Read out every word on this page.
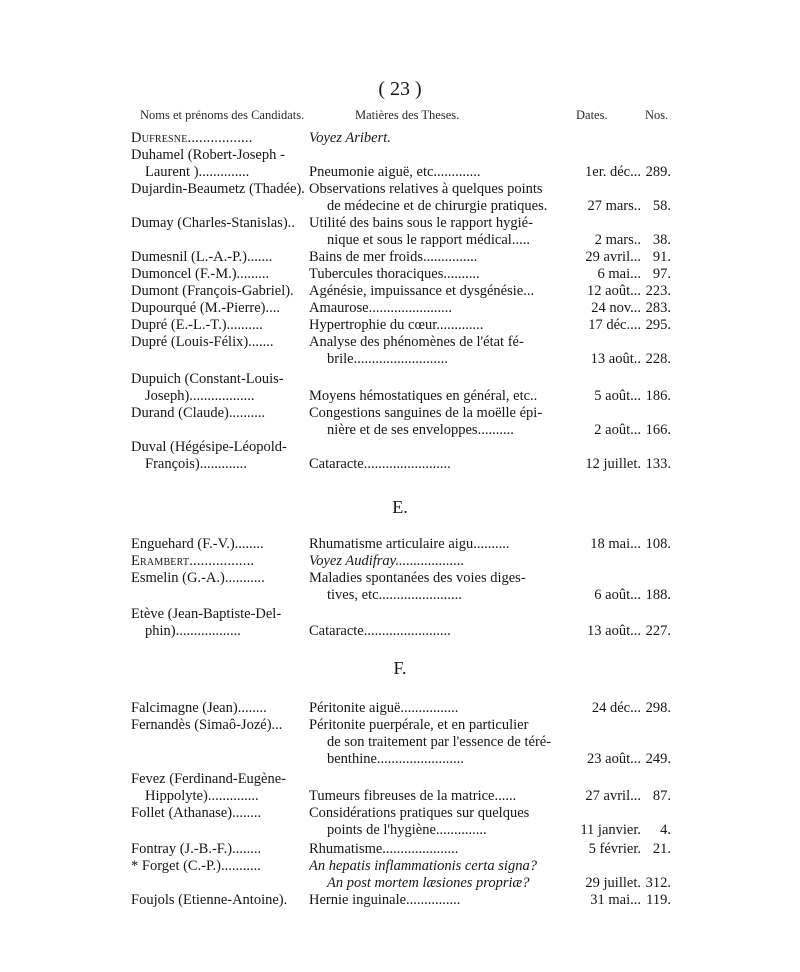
( 23 )
Noms et prénoms des Candidats.	Matières des Theses.	Dates.	Nos.
Dufresne.................	Voyez Aribert.
Duhamel (Robert-Joseph -
Laurent )..............	Pneumonie aiguë, etc.............	1er. déc... 289.
Dujardin-Beaumetz (Thadée). Observations relatives à quelques points
de médecine et de chirurgie pratiques.	27 mars.. 58.
Dumay (Charles-Stanislas).. Utilité des bains sous le rapport hygié-
nique et sous le rapport médical.....	2 mars.. 38.
Dumesnil (L.-A.-P.).......	Bains de mer froids...............	29 avril... 91.
Dumoncel (F.-M.).........	Tubercules thoraciques..........	6 mai... 97.
Dumont (François-Gabriel).	Agénésie, impuissance et dysgénésie...	12 août... 223.
Dupourqué (M.-Pierre)....	Amaurose.......................	24 nov... 283.
Dupré (E.-L.-T.)..........	Hypertrophie du cœur.............	17 déc.... 295.
Dupré (Louis-Félix).......	Analyse des phénomènes de l'état fé-
brile..........................	13 août.. 228.
Dupuich (Constant-Louis-
Joseph)..................	Moyens hémostatiques en général, etc..	5 août... 186.
Durand (Claude)..........	Congestions sanguines de la moëlle épi-
nière et de ses enveloppes..........	2 août... 166.
Duval (Hégésipe-Léopold-
François).............	Cataracte........................	12 juillet. 133.
E.
Enguehard (F.-V.)........	Rhumatisme articulaire aigu..........	18 mai... 108.
Erambert.................	Voyez Audifray...................
Esmelin (G.-A.)...........	Maladies spontanées des voies diges-
tives, etc.......................	6 août... 188.
Etève (Jean-Baptiste-Del-
phin)..................	Cataracte........................	13 août... 227.
F.
Falcimagne (Jean)........	Péritonite aiguë................	24 déc... 298.
Fernandès (Simaô-Jozé)...	Péritonite puerpérale, et en particulier
de son traitement par l'essence de téré-
benthine........................	23 août... 249.
Fevez (Ferdinand-Eugène-
Hippolyte)..............	Tumeurs fibreuses de la matrice......	27 avril... 87.
Follet (Athanase)........	Considérations pratiques sur quelques
points de l'hygiène..............	11 janvier.	4.
Fontray (J.-B.-F.)........	Rhumatisme.....................	5 février. 21.
* Forget (C.-P.)...........	An hepatis inflammationis certa signa?
An post mortem læsiones propriæ?	29 juillet. 312.
Foujols (Etienne-Antoine).	Hernie inguinale...............	31 mai... 119.
